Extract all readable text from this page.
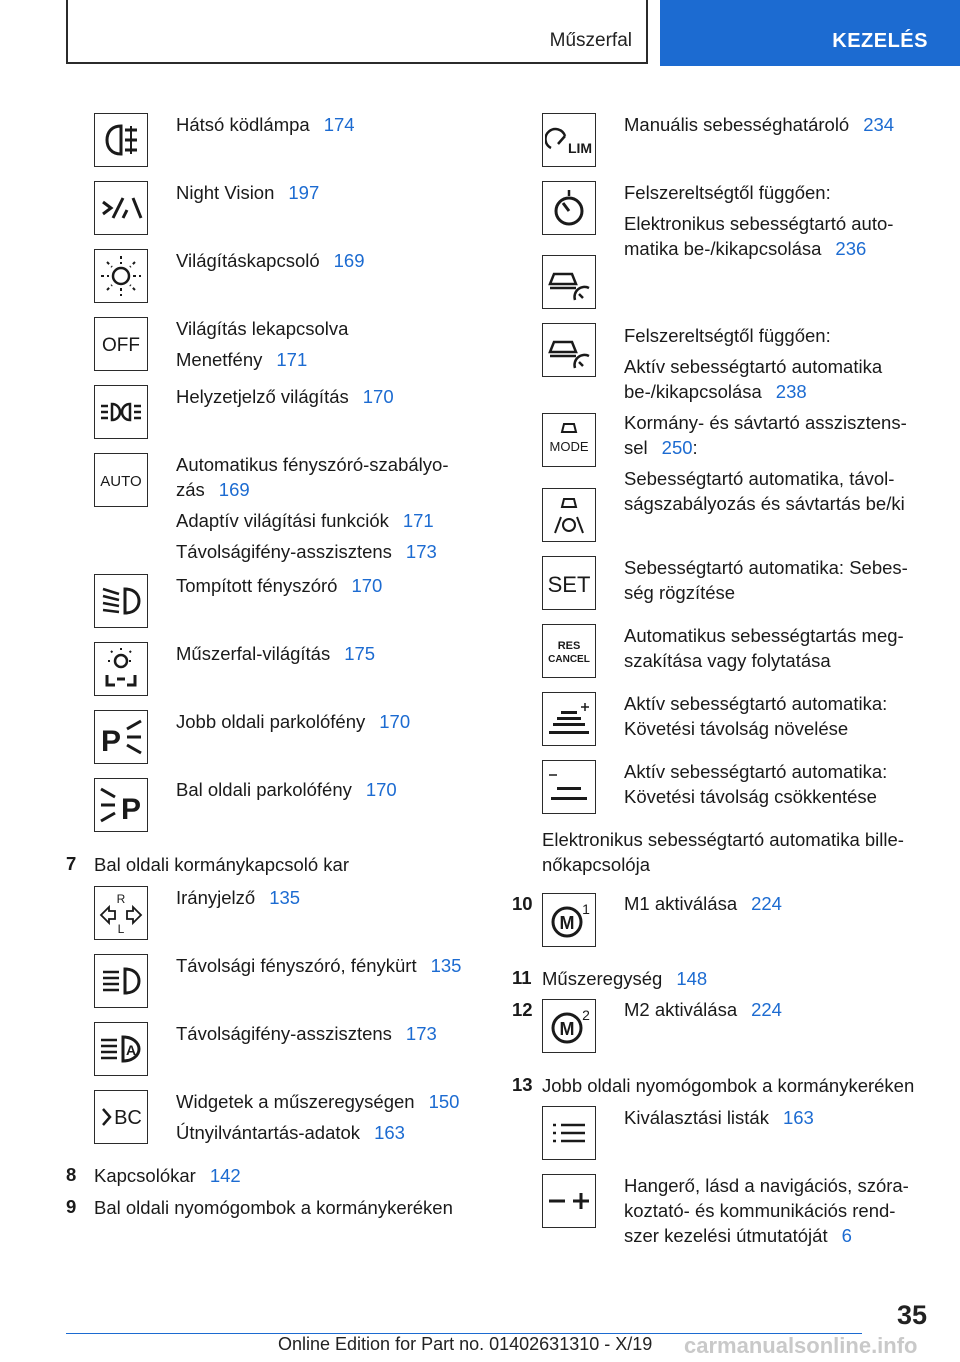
Műszerfal	KEZELÉS
Hátsó ködlámpa 174
Night Vision 197
Világításkapcsoló 169
OFF
Világítás lekapcsolva
Menetfény 171
Helyzetjelző világítás 170
AUTO
Automatikus fényszóró-szabályo-
zás 169
Adaptív világítási funkciók 171
Távolságifény-asszisztens 173
Tompított fényszóró 170
Műszerfal-világítás 175
P
Jobb oldali parkolófény 170
P
Bal oldali parkolófény 170
7 Bal oldali kormánykapcsoló kar
R
L
Irányjelző 135
Távolsági fényszóró, fénykürt 135
A
Távolságifény-asszisztens 173
BC
Widgetek a műszeregységen 150
Útnyilvántartás-adatok 163
8 Kapcsolókar 142
9 Bal oldali nyomógombok a kormánykeréken
LIM
Manuális sebességhatároló 234
Felszereltségtől függően:
Elektronikus sebességtartó auto-
matika be-/kikapcsolása 236
Felszereltségtől függően:
Aktív sebességtartó automatika
be-/kikapcsolása 238
MODE
Kormány- és sávtartó asszisztens-
sel 250:
Sebességtartó automatika, távol-
ságszabályozás és sávtartás be/ki
SET
Sebességtartó automatika: Sebes-
ség rögzítése
RES
CANCEL
Automatikus sebességtartás meg-
szakítása vagy folytatása
Aktív sebességtartó automatika:
Követési távolság növelése
Aktív sebességtartó automatika:
Követési távolság csökkentése
Elektronikus sebességtartó automatika bille-
nőkapcsolója
10
M
1 M1 aktiválása 224
11 Műszeregység 148
12
M
2 M2 aktiválása 224
13 Jobb oldali nyomógombok a kormánykeréken
Kiválasztási listák 163
Hangerő, lásd a navigációs, szóra-
koztató- és kommunikációs rend-
szer kezelési útmutatóját 6
35
Online Edition for Part no. 01402631310 - X/19 carmanualsonline.info
